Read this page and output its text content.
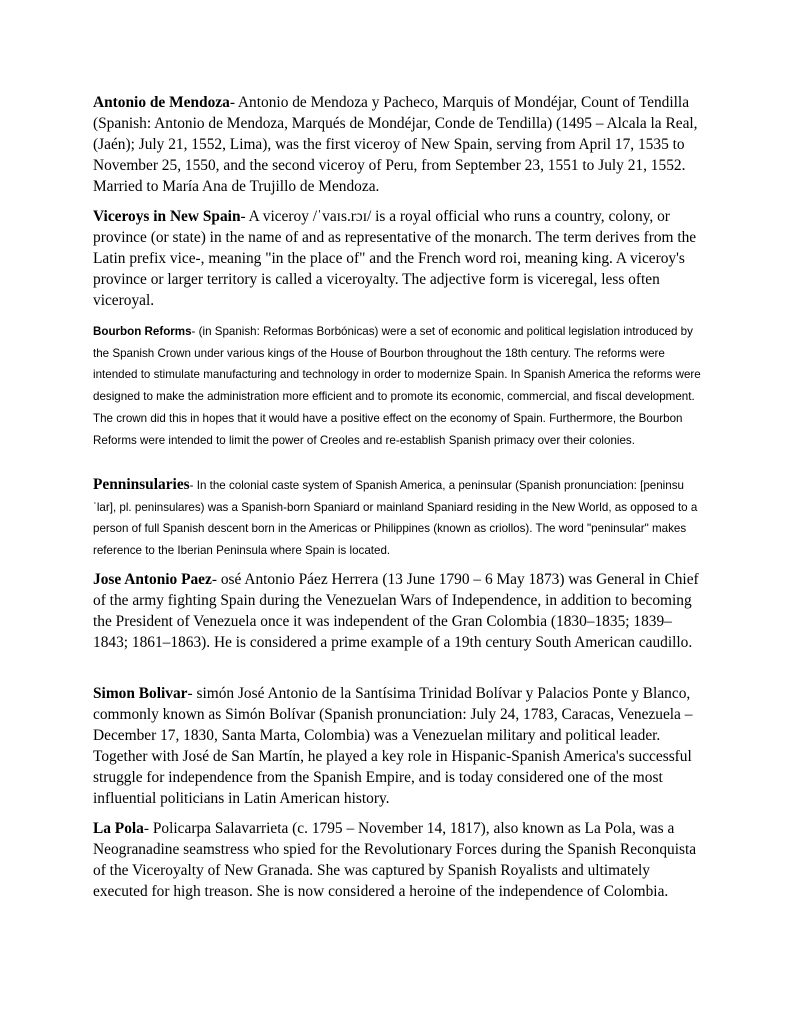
Antonio de Mendoza- Antonio de Mendoza y Pacheco, Marquis of Mondéjar, Count of Tendilla (Spanish: Antonio de Mendoza, Marqués de Mondéjar, Conde de Tendilla) (1495 – Alcala la Real, (Jaén); July 21, 1552, Lima), was the first viceroy of New Spain, serving from April 17, 1535 to November 25, 1550, and the second viceroy of Peru, from September 23, 1551 to July 21, 1552. Married to María Ana de Trujillo de Mendoza.

Viceroys in New Spain- A viceroy /ˈvaɪs.rɔɪ/ is a royal official who runs a country, colony, or province (or state) in the name of and as representative of the monarch. The term derives from the Latin prefix vice-, meaning "in the place of" and the French word roi, meaning king. A viceroy's province or larger territory is called a viceroyalty. The adjective form is viceregal, less often viceroyal.

Bourbon Reforms- (in Spanish: Reformas Borbónicas) were a set of economic and political legislation introduced by the Spanish Crown under various kings of the House of Bourbon throughout the 18th century. The reforms were intended to stimulate manufacturing and technology in order to modernize Spain. In Spanish America the reforms were designed to make the administration more efficient and to promote its economic, commercial, and fiscal development. The crown did this in hopes that it would have a positive effect on the economy of Spain. Furthermore, the Bourbon Reforms were intended to limit the power of Creoles and re-establish Spanish primacy over their colonies.

Penninsularies- In the colonial caste system of Spanish America, a peninsular (Spanish pronunciation: [peninsuˈlar], pl. peninsulares) was a Spanish-born Spaniard or mainland Spaniard residing in the New World, as opposed to a person of full Spanish descent born in the Americas or Philippines (known as criollos). The word "peninsular" makes reference to the Iberian Peninsula where Spain is located.

Jose Antonio Paez- osé Antonio Páez Herrera (13 June 1790 – 6 May 1873) was General in Chief of the army fighting Spain during the Venezuelan Wars of Independence, in addition to becoming the President of Venezuela once it was independent of the Gran Colombia (1830–1835; 1839–1843; 1861–1863). He is considered a prime example of a 19th century South American caudillo.

Simon Bolivar- simón José Antonio de la Santísima Trinidad Bolívar y Palacios Ponte y Blanco, commonly known as Simón Bolívar (Spanish pronunciation: July 24, 1783, Caracas, Venezuela – December 17, 1830, Santa Marta, Colombia) was a Venezuelan military and political leader. Together with José de San Martín, he played a key role in Hispanic-Spanish America's successful struggle for independence from the Spanish Empire, and is today considered one of the most influential politicians in Latin American history.

La Pola- Policarpa Salavarrieta (c. 1795 – November 14, 1817), also known as La Pola, was a Neogranadine seamstress who spied for the Revolutionary Forces during the Spanish Reconquista of the Viceroyalty of New Granada. She was captured by Spanish Royalists and ultimately executed for high treason. She is now considered a heroine of the independence of Colombia.
